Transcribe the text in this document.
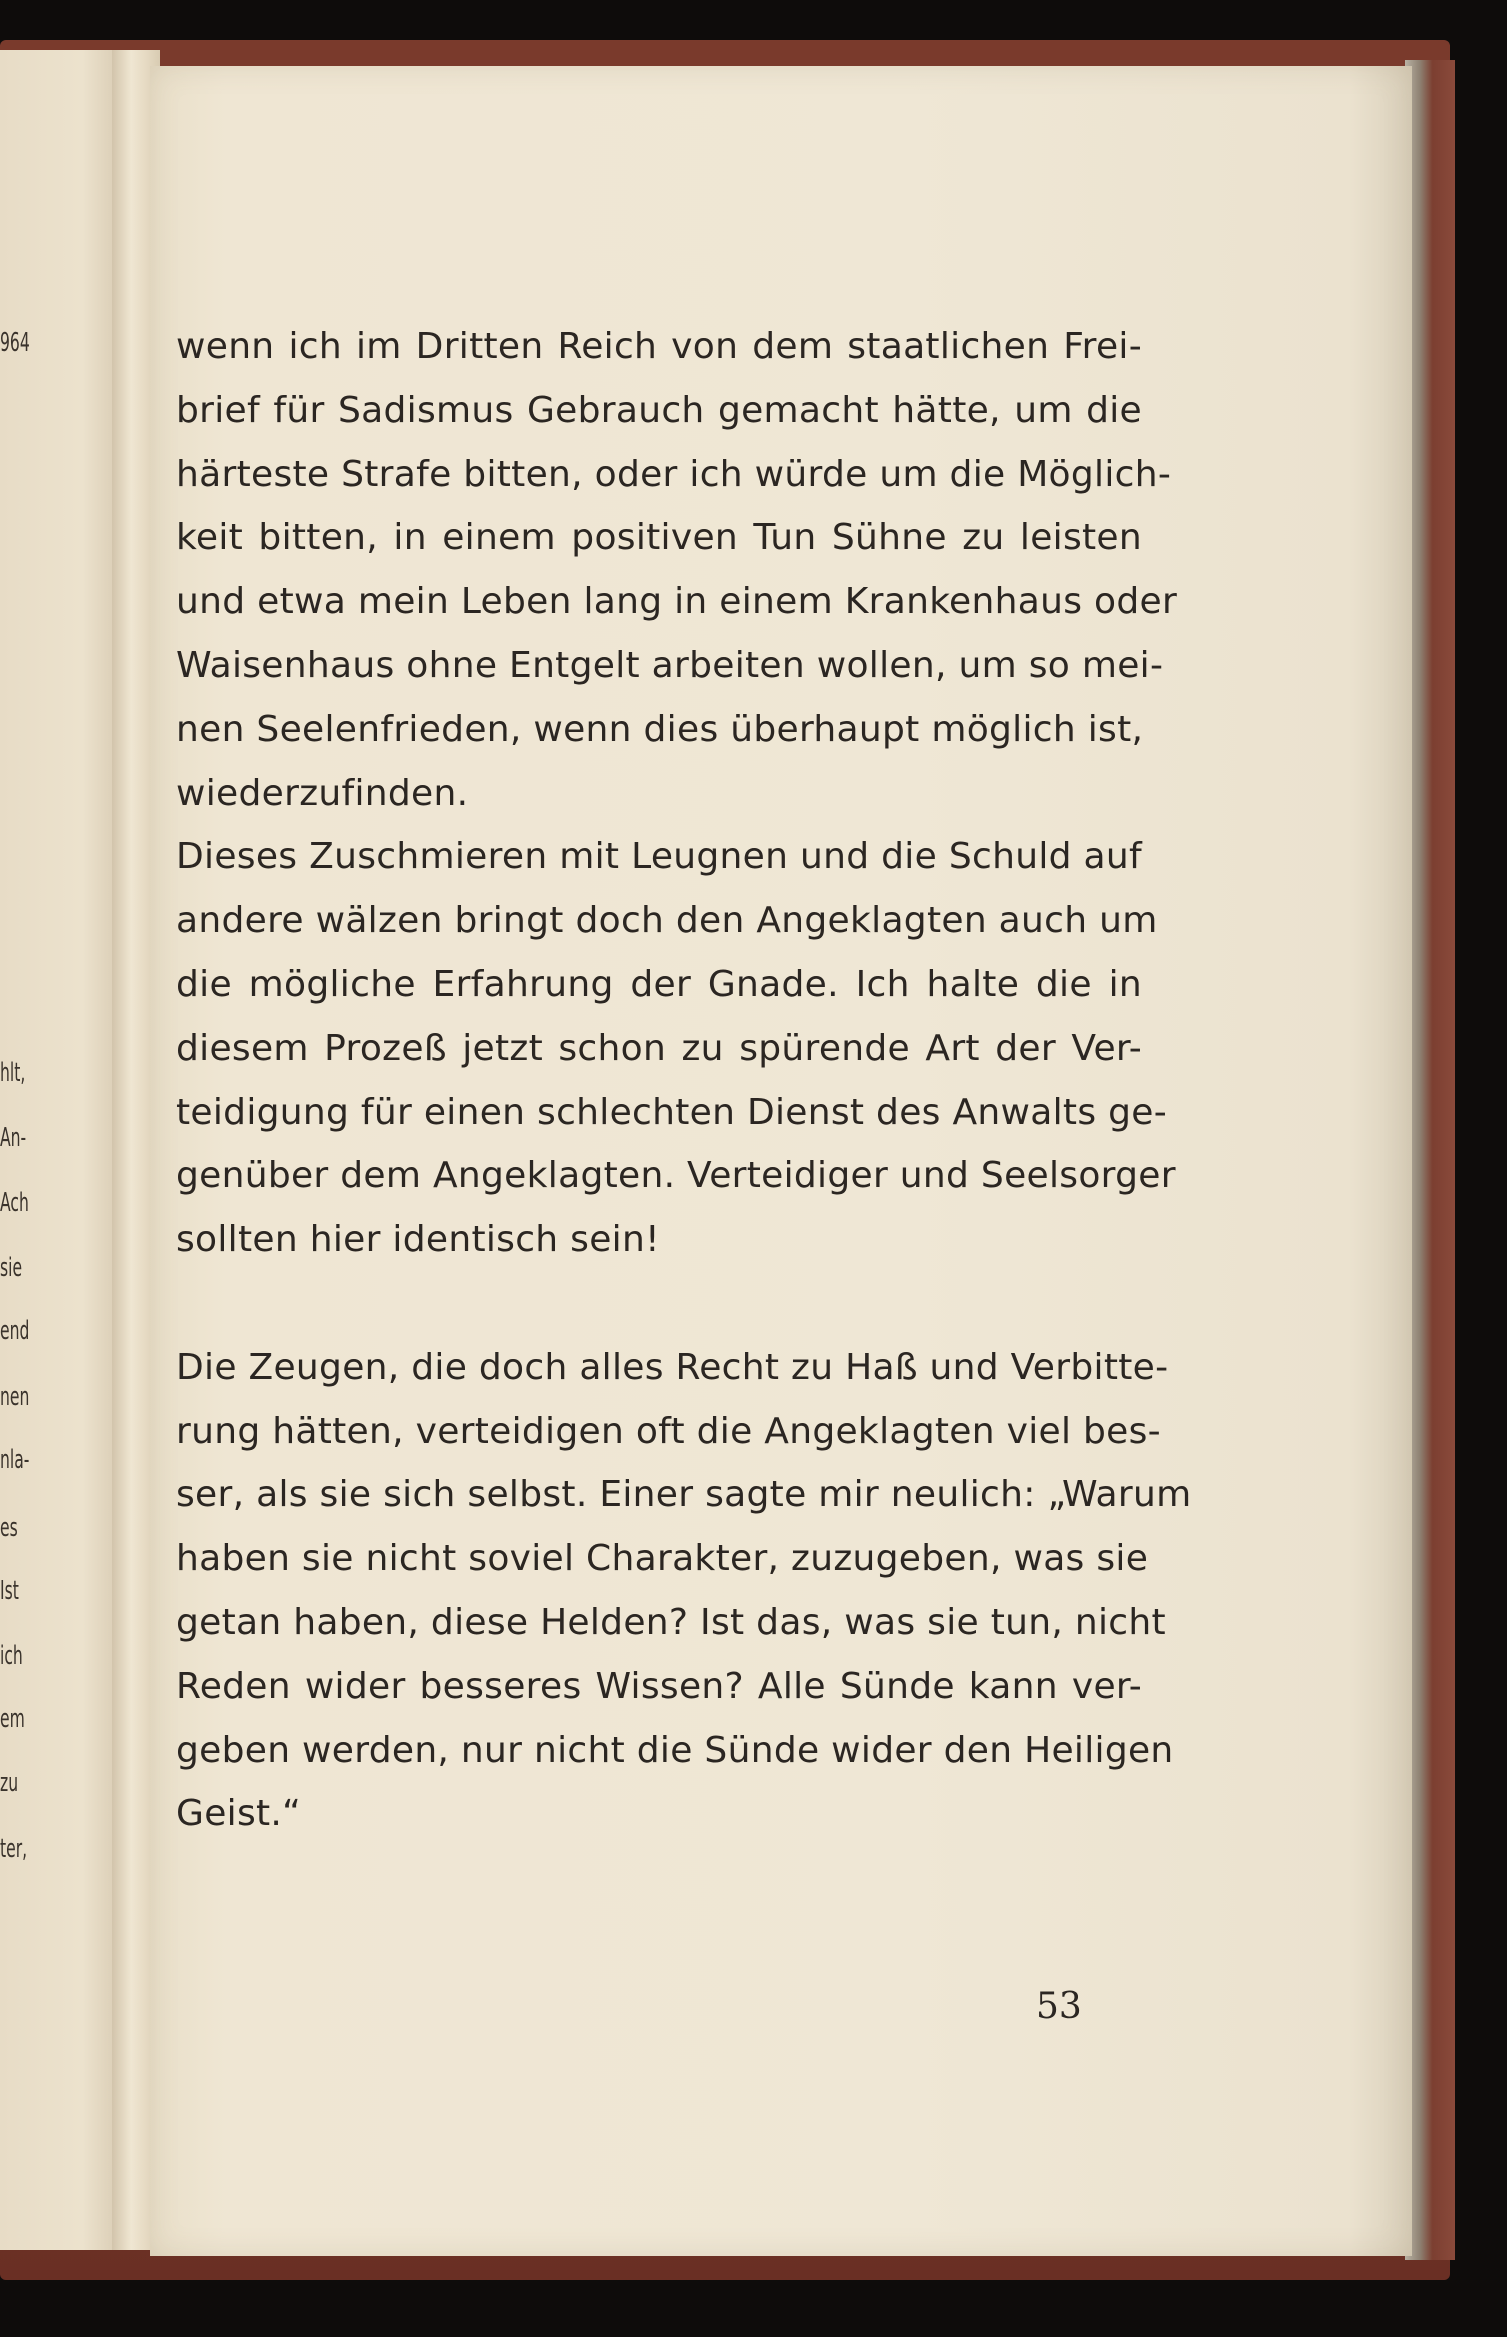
964
hlt,
An-
Ach
sie
end
nen
nla-
es
Ist
ich
em
zu
ter,
wenn ich im Dritten Reich von dem staatlichen Frei-
brief für Sadismus Gebrauch gemacht hätte, um die
härteste Strafe bitten, oder ich würde um die Möglich-
keit bitten, in einem positiven Tun Sühne zu leisten
und etwa mein Leben lang in einem Krankenhaus oder
Waisenhaus ohne Entgelt arbeiten wollen, um so mei-
nen Seelenfrieden, wenn dies überhaupt möglich ist,
wiederzufinden.
Dieses Zuschmieren mit Leugnen und die Schuld auf
andere wälzen bringt doch den Angeklagten auch um
die mögliche Erfahrung der Gnade. Ich halte die in
diesem Prozeß jetzt schon zu spürende Art der Ver-
teidigung für einen schlechten Dienst des Anwalts ge-
genüber dem Angeklagten. Verteidiger und Seelsorger
sollten hier identisch sein!
Die Zeugen, die doch alles Recht zu Haß und Verbitte-
rung hätten, verteidigen oft die Angeklagten viel bes-
ser, als sie sich selbst. Einer sagte mir neulich: „Warum
haben sie nicht soviel Charakter, zuzugeben, was sie
getan haben, diese Helden? Ist das, was sie tun, nicht
Reden wider besseres Wissen? Alle Sünde kann ver-
geben werden, nur nicht die Sünde wider den Heiligen
Geist.“
53
